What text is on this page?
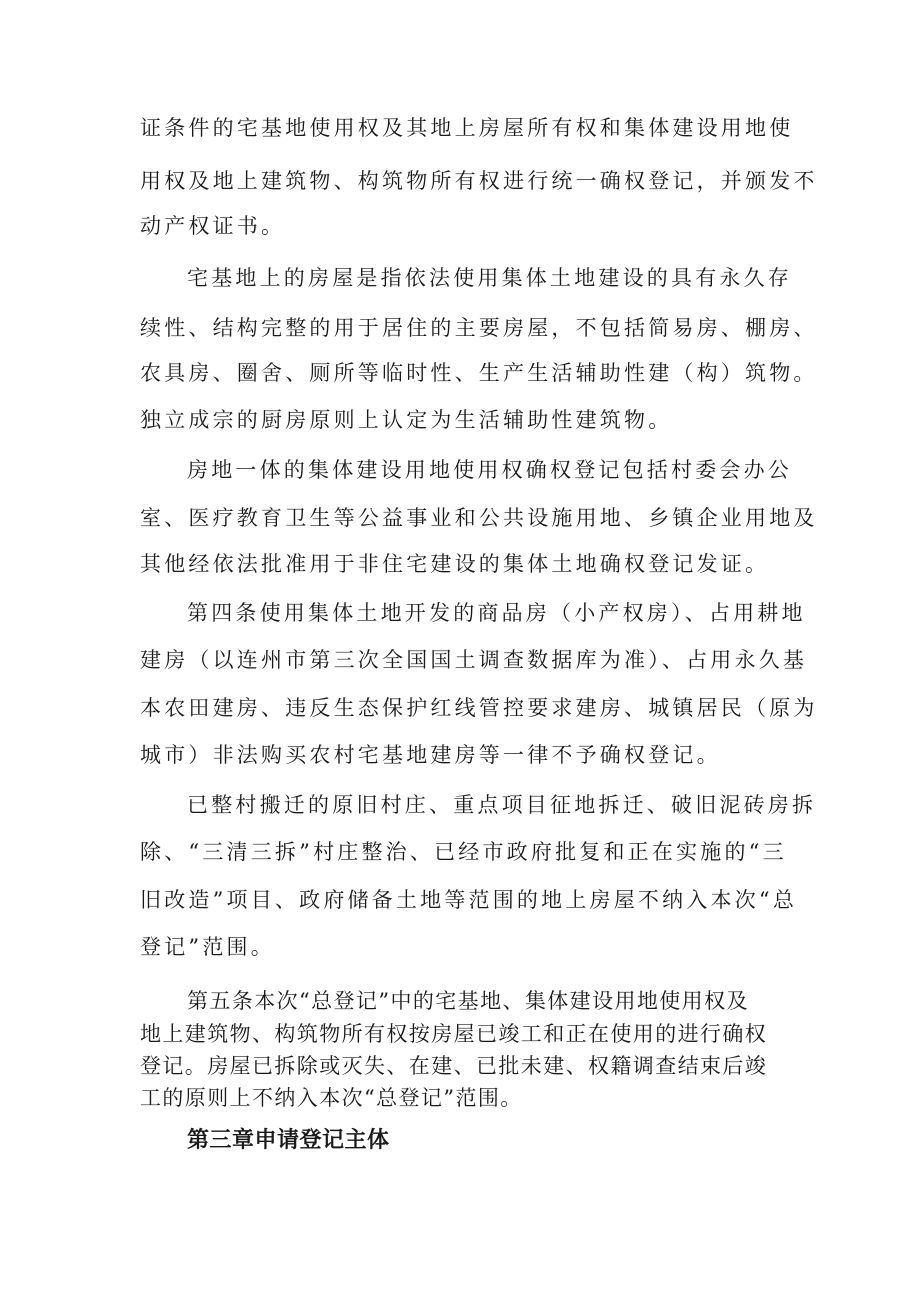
证条件的宅基地使用权及其地上房屋所有权和集体建设用地使
用权及地上建筑物、构筑物所有权进行统一确权登记，并颁发不
动产权证书。
宅基地上的房屋是指依法使用集体土地建设的具有永久存
续性、结构完整的用于居住的主要房屋，不包括简易房、棚房、
农具房、圈舍、厕所等临时性、生产生活辅助性建（构）筑物。
独立成宗的厨房原则上认定为生活辅助性建筑物。
房地一体的集体建设用地使用权确权登记包括村委会办公
室、医疗教育卫生等公益事业和公共设施用地、乡镇企业用地及
其他经依法批准用于非住宅建设的集体土地确权登记发证。
第四条使用集体土地开发的商品房（小产权房）、占用耕地
建房（以连州市第三次全国国土调查数据库为准）、占用永久基
本农田建房、违反生态保护红线管控要求建房、城镇居民（原为
城市）非法购买农村宅基地建房等一律不予确权登记。
已整村搬迁的原旧村庄、重点项目征地拆迁、破旧泥砖房拆
除、“三清三拆”村庄整治、已经市政府批复和正在实施的“三
旧改造”项目、政府储备土地等范围的地上房屋不纳入本次“总
登记”范围。
第五条本次“总登记”中的宅基地、集体建设用地使用权及
地上建筑物、构筑物所有权按房屋已竣工和正在使用的进行确权
登记。房屋已拆除或灭失、在建、已批未建、权籍调查结束后竣
工的原则上不纳入本次“总登记”范围。
第三章申请登记主体
